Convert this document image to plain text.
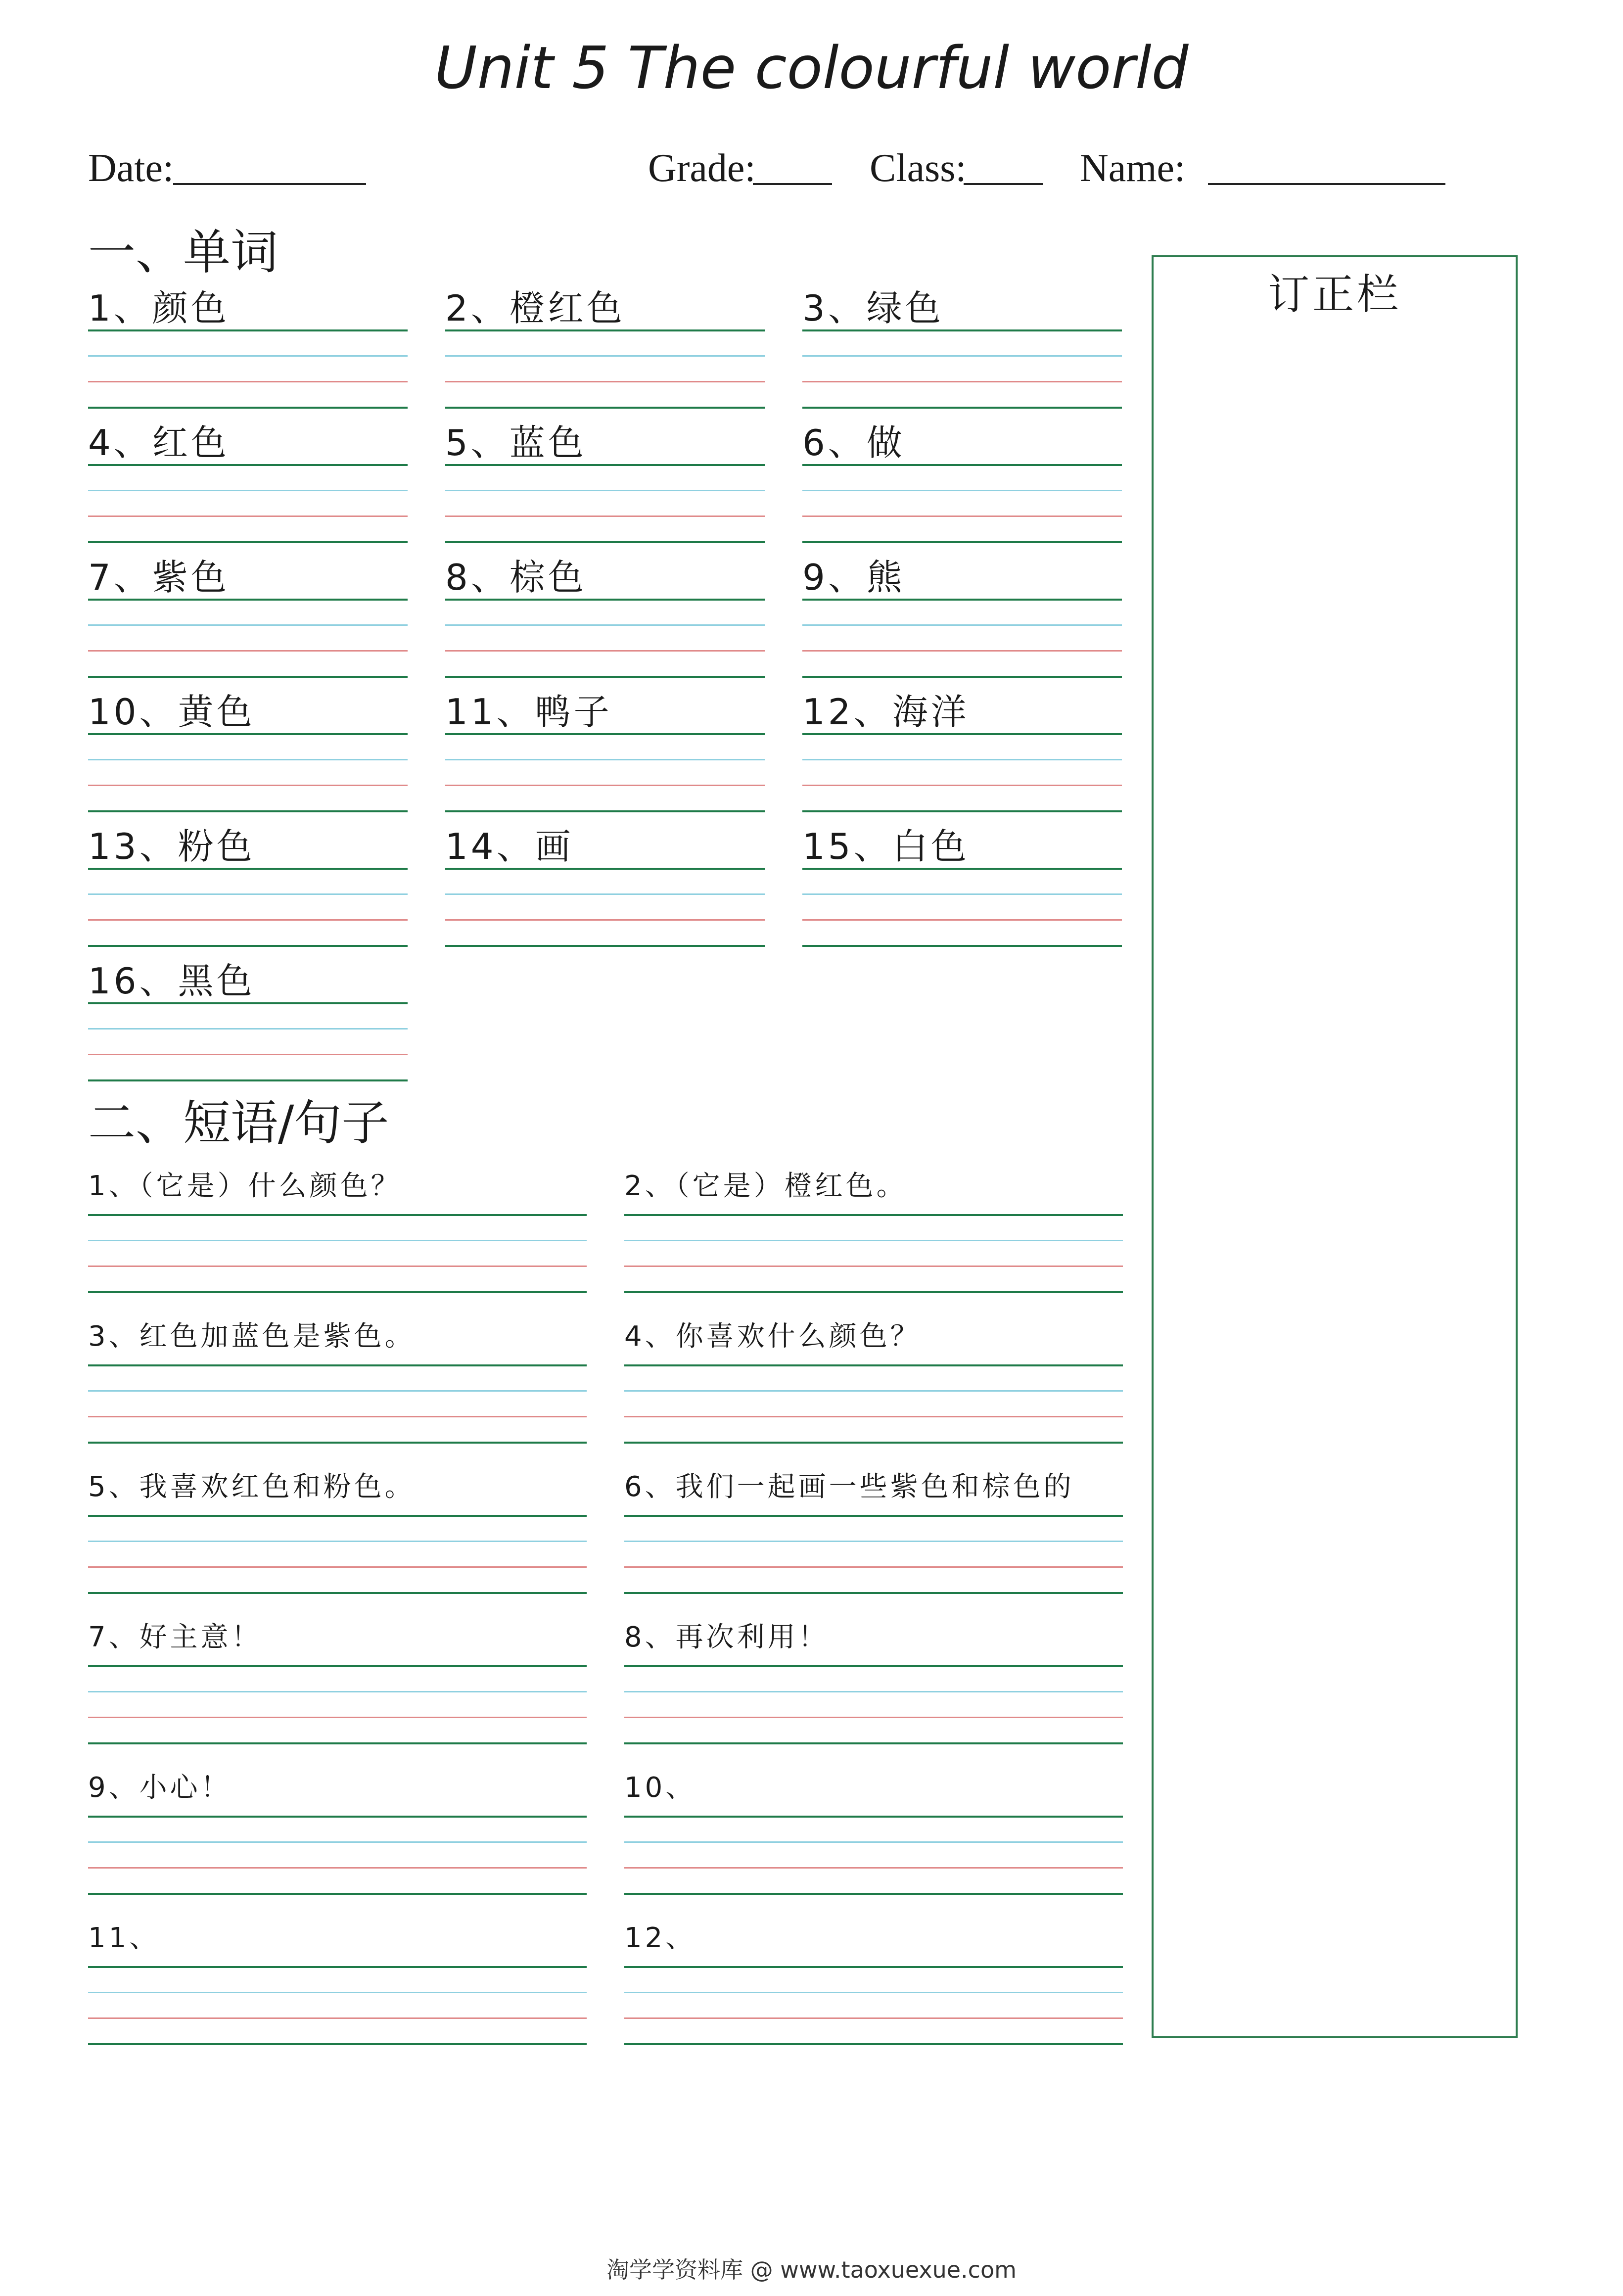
Unit 5 The colourful world
Date:	Grade:	Class:	Name:
一、单词
1、颜色	2、橙红色	3、绿色
4、红色	5、蓝色	6、做
7、紫色	8、棕色	9、熊
10、黄色	11、鸭子	12、海洋
13、粉色	14、画	15、白色
16、黑色
二、短语/句子
1、（它是）什么颜色？	2、（它是）橙红色。
3、红色加蓝色是紫色。	4、你喜欢什么颜色？
5、我喜欢红色和粉色。	6、我们一起画一些紫色和棕色的
7、好主意！	8、再次利用！
9、小心！	10、
11、	12、
订正栏
淘学学资料库 @ www.taoxuexue.com
